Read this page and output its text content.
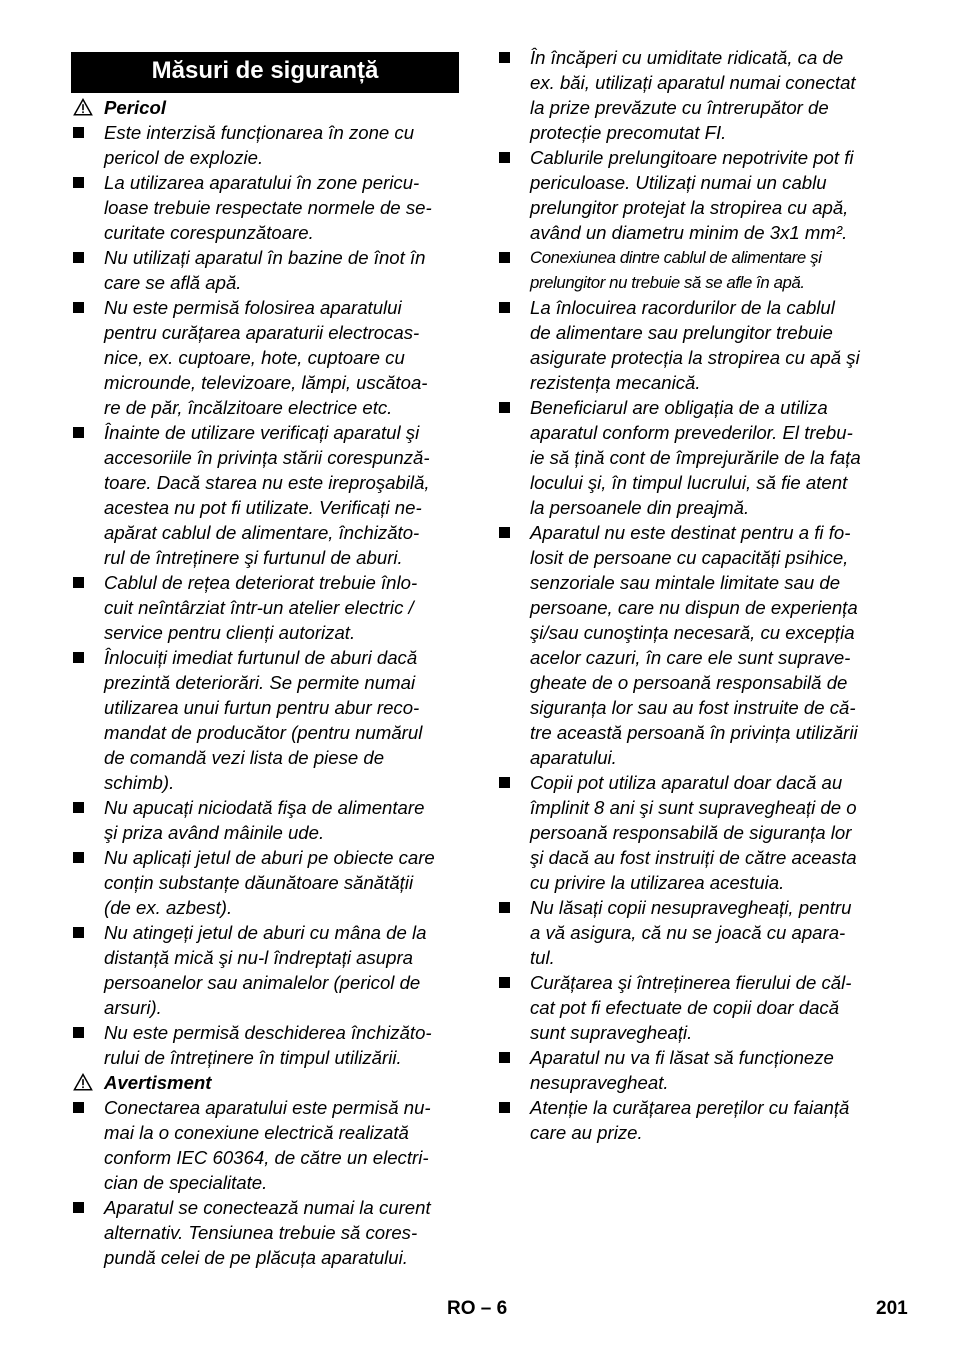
Măsuri de siguranță
Pericol
Este interzisă funcționarea în zone cu
pericol de explozie.
La utilizarea aparatului în zone pericu-
loase trebuie respectate normele de se-
curitate corespunzătoare.
Nu utilizați aparatul în bazine de înot în
care se află apă.
Nu este permisă folosirea aparatului
pentru curățarea aparaturii electrocas-
nice, ex. cuptoare, hote, cuptoare cu
microunde, televizoare, lămpi, uscătoa-
re de păr, încălzitoare electrice etc.
Înainte de utilizare verificați aparatul şi
accesoriile în privința stării corespunză-
toare. Dacă starea nu este ireproşabilă,
acestea nu pot fi utilizate. Verificați ne-
apărat cablul de alimentare, închizăto-
rul de întreținere şi furtunul de aburi.
Cablul de rețea deteriorat trebuie înlo-
cuit neîntârziat într-un atelier electric /
service pentru clienți autorizat.
Înlocuiți imediat furtunul de aburi dacă
prezintă deteriorări. Se permite numai
utilizarea unui furtun pentru abur reco-
mandat de producător (pentru numărul
de comandă vezi lista de piese de
schimb).
Nu apucați niciodată fişa de alimentare
şi priza având mâinile ude.
Nu aplicați jetul de aburi pe obiecte care
conțin substanțe dăunătoare sănătății
(de ex. azbest).
Nu atingeți jetul de aburi cu mâna de la
distanță mică şi nu-l îndreptați asupra
persoanelor sau animalelor (pericol de
arsuri).
Nu este permisă deschiderea închizăto-
rului de întreținere în timpul utilizării.
Avertisment
Conectarea aparatului este permisă nu-
mai la o conexiune electrică realizată
conform IEC 60364, de către un electri-
cian de specialitate.
Aparatul se conectează numai la curent
alternativ. Tensiunea trebuie să cores-
pundă celei de pe plăcuța aparatului.
În încăperi cu umiditate ridicată, ca de
ex. băi, utilizați aparatul numai conectat
la prize prevăzute cu întrerupător de
protecție precomutat FI.
Cablurile prelungitoare nepotrivite pot fi
periculoase. Utilizați numai un cablu
prelungitor protejat la stropirea cu apă,
având un diametru minim de 3x1 mm².
Conexiunea dintre cablul de alimentare şi
prelungitor nu trebuie să se afle în apă.
La înlocuirea racordurilor de la cablul
de alimentare sau prelungitor trebuie
asigurate protecția la stropirea cu apă şi
rezistența mecanică.
Beneficiarul are obligația de a utiliza
aparatul conform prevederilor. El trebu-
ie să țină cont de împrejurările de la fața
locului şi, în timpul lucrului, să fie atent
la persoanele din preajmă.
Aparatul nu este destinat pentru a fi fo-
losit de persoane cu capacități psihice,
senzoriale sau mintale limitate sau de
persoane, care nu dispun de experiența
şi/sau cunoştința necesară, cu excepția
acelor cazuri, în care ele sunt suprave-
gheate de o persoană responsabilă de
siguranța lor sau au fost instruite de că-
tre această persoană în privința utilizării
aparatului.
Copii pot utiliza aparatul doar dacă au
împlinit 8 ani şi sunt supravegheați de o
persoană responsabilă de siguranța lor
şi dacă au fost instruiți de către aceasta
cu privire la utilizarea acestuia.
Nu lăsați copii nesupravegheați, pentru
a vă asigura, că nu se joacă cu apara-
tul.
Curățarea şi întreținerea fierului de căl-
cat pot fi efectuate de copii doar dacă
sunt supravegheați.
Aparatul nu va fi lăsat să funcționeze
nesupravegheat.
Atenție la curățarea pereților cu faianță
care au prize.
RO – 6	201
